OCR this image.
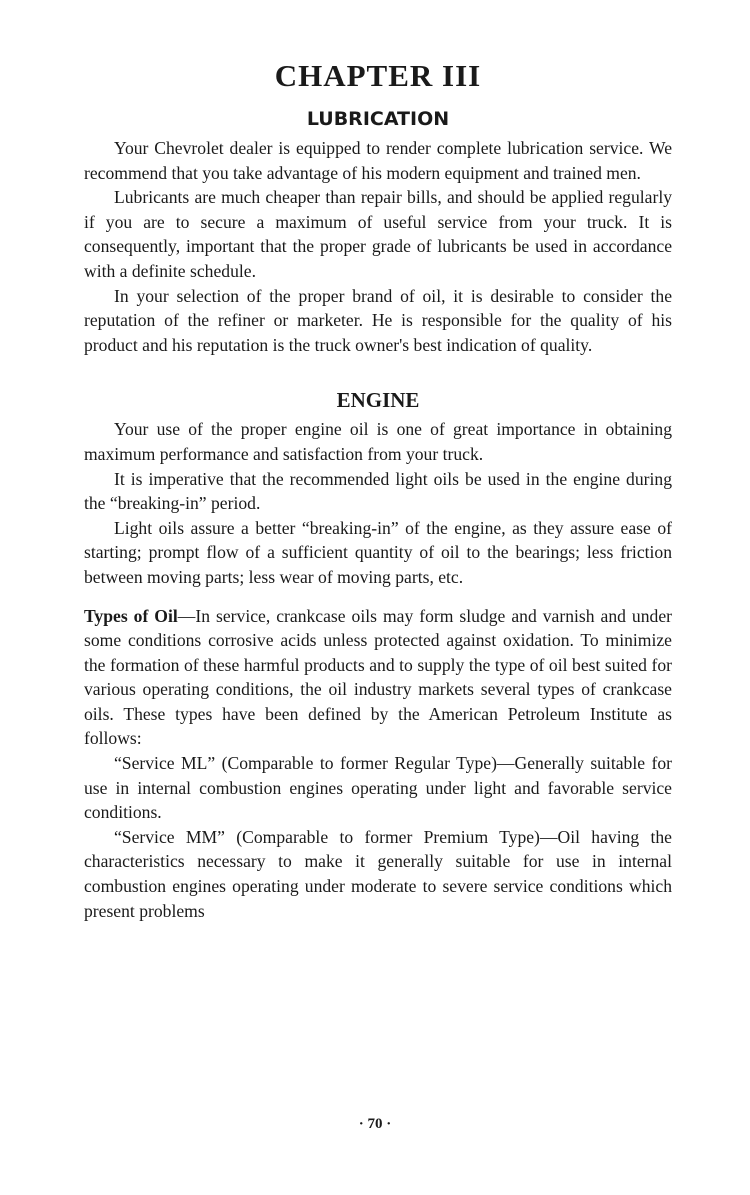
CHAPTER III
LUBRICATION

Your Chevrolet dealer is equipped to render complete lubrication service. We recommend that you take advantage of his modern equipment and trained men.

Lubricants are much cheaper than repair bills, and should be applied regularly if you are to secure a maximum of useful service from your truck. It is consequently, important that the proper grade of lubricants be used in accordance with a definite schedule.

In your selection of the proper brand of oil, it is desirable to consider the reputation of the refiner or marketer. He is responsible for the quality of his product and his reputation is the truck owner's best indication of quality.

ENGINE

Your use of the proper engine oil is one of great importance in obtaining maximum performance and satisfaction from your truck.

It is imperative that the recommended light oils be used in the engine during the “breaking-in” period.

Light oils assure a better “breaking-in” of the engine, as they assure ease of starting; prompt flow of a sufficient quantity of oil to the bearings; less friction between moving parts; less wear of moving parts, etc.

Types of Oil—In service, crankcase oils may form sludge and varnish and under some conditions corrosive acids unless protected against oxidation. To minimize the formation of these harmful products and to supply the type of oil best suited for various operating conditions, the oil industry markets several types of crankcase oils. These types have been defined by the American Petroleum Institute as follows:

“Service ML” (Comparable to former Regular Type)—Generally suitable for use in internal combustion engines operating under light and favorable service conditions.

“Service MM” (Comparable to former Premium Type)—Oil having the characteristics necessary to make it generally suitable for use in internal combustion engines operating under moderate to severe service conditions which present problems

· 70 ·
